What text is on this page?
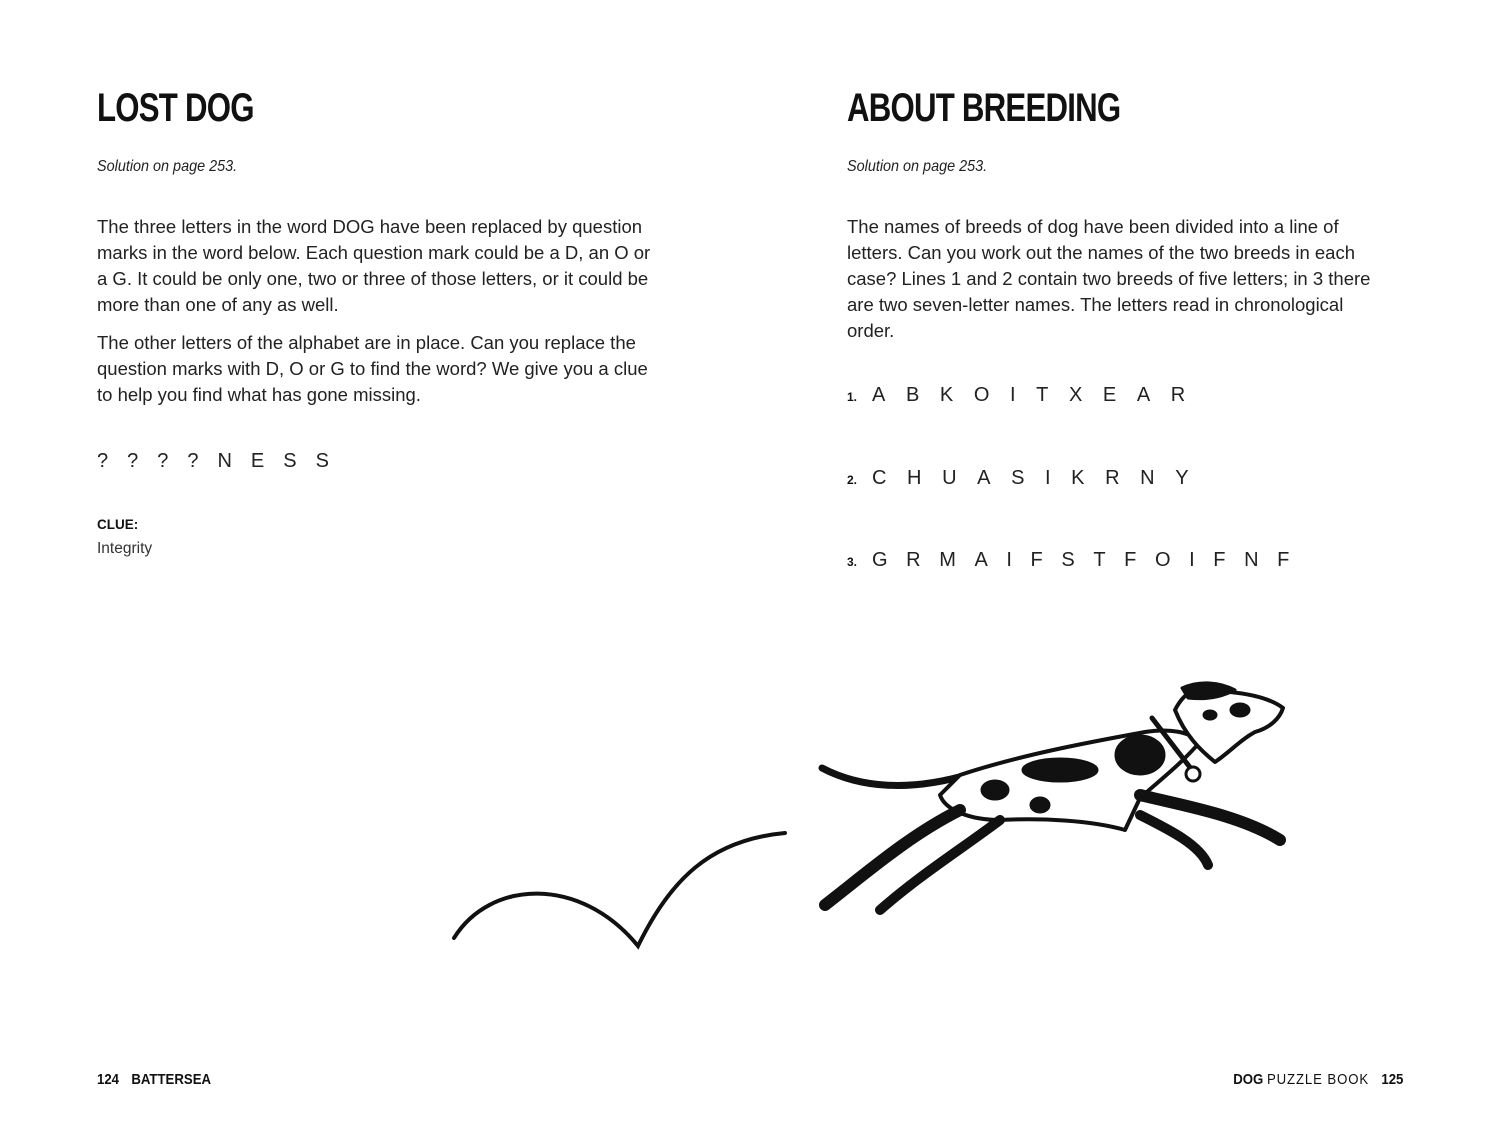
LOST DOG

Solution on page 253.

The three letters in the word DOG have been replaced by question marks in the word below. Each question mark could be a D, an O or a G. It could be only one, two or three of those letters, or it could be more than one of any as well.

The other letters of the alphabet are in place. Can you replace the question marks with D, O or G to find the word? We give you a clue to help you find what has gone missing.

????NESS

CLUE:

Integrity

ABOUT BREEDING

Solution on page 253.

The names of breeds of dog have been divided into a line of letters. Can you work out the names of the two breeds in each case? Lines 1 and 2 contain two breeds of five letters; in 3 there are two seven-letter names. The letters read in chronological order.

1. ABKOITXEAR
2. CHUASIKRNY
3. GRMAIFSTFOIFNF
124 BATTERSEA	DOG PUZZLE BOOK 125
